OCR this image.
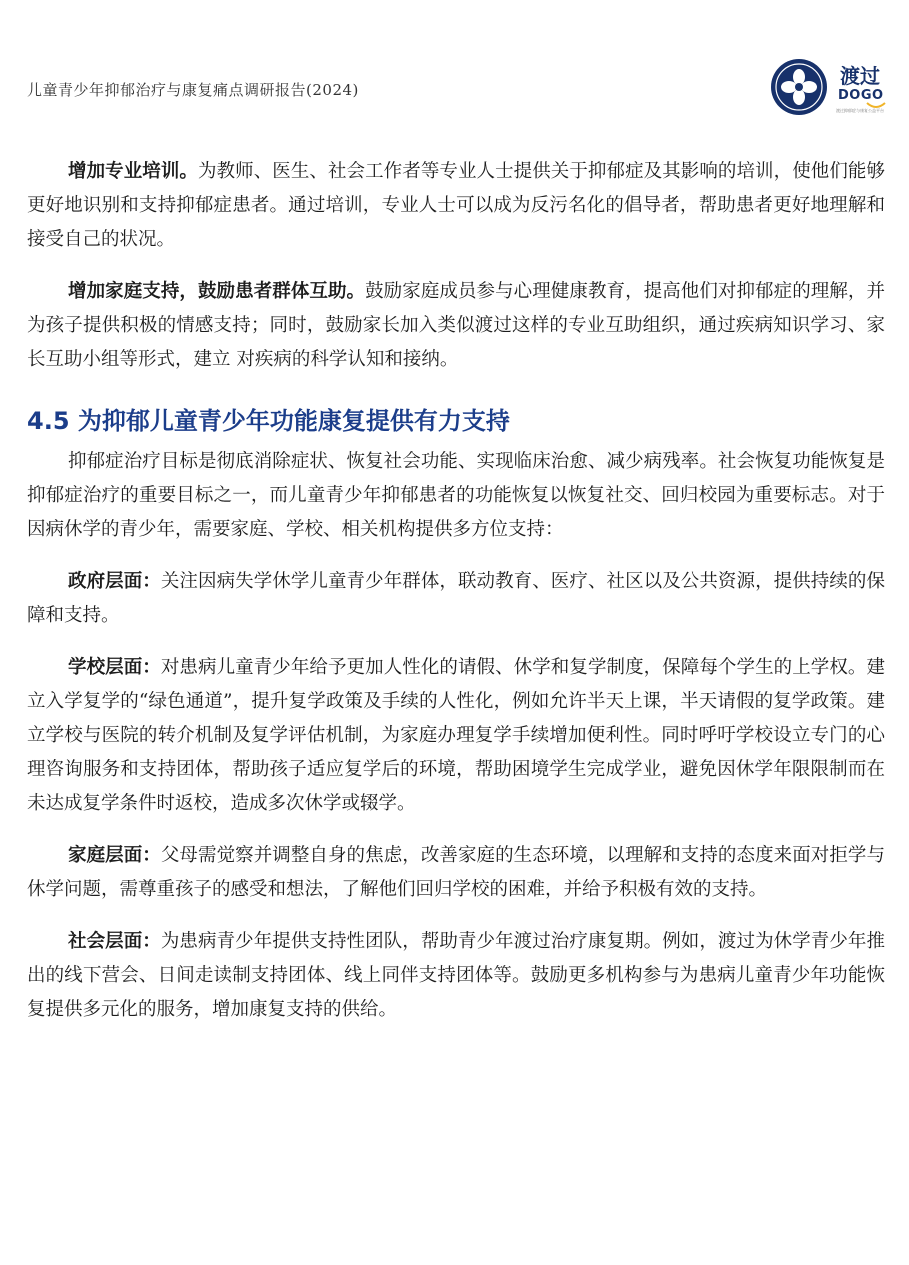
儿童青少年抑郁治疗与康复痛点调研报告(2024)
渡过
DOGO
渡过抑郁症与康复公益平台

增加专业培训。为教师、医生、社会工作者等专业人士提供关于抑郁症及其影响的培训，使他们能够更好地识别和支持抑郁症患者。通过培训，专业人士可以成为反污名化的倡导者，帮助患者更好地理解和接受自己的状况。

增加家庭支持，鼓励患者群体互助。鼓励家庭成员参与心理健康教育，提高他们对抑郁症的理解，并为孩子提供积极的情感支持；同时，鼓励家长加入类似渡过这样的专业互助组织，通过疾病知识学习、家长互助小组等形式，建立 对疾病的科学认知和接纳。

4.5 为抑郁儿童青少年功能康复提供有力支持

抑郁症治疗目标是彻底消除症状、恢复社会功能、实现临床治愈、减少病残率。社会恢复功能恢复是抑郁症治疗的重要目标之一，而儿童青少年抑郁患者的功能恢复以恢复社交、回归校园为重要标志。对于因病休学的青少年，需要家庭、学校、相关机构提供多方位支持：

政府层面：关注因病失学休学儿童青少年群体，联动教育、医疗、社区以及公共资源，提供持续的保障和支持。

学校层面：对患病儿童青少年给予更加人性化的请假、休学和复学制度，保障每个学生的上学权。建立入学复学的“绿色通道”，提升复学政策及手续的人性化，例如允许半天上课，半天请假的复学政策。建立学校与医院的转介机制及复学评估机制，为家庭办理复学手续增加便利性。同时呼吁学校设立专门的心理咨询服务和支持团体，帮助孩子适应复学后的环境，帮助困境学生完成学业，避免因休学年限限制而在未达成复学条件时返校，造成多次休学或辍学。

家庭层面：父母需觉察并调整自身的焦虑，改善家庭的生态环境，以理解和支持的态度来面对拒学与休学问题，需尊重孩子的感受和想法，了解他们回归学校的困难，并给予积极有效的支持。

社会层面：为患病青少年提供支持性团队，帮助青少年渡过治疗康复期。例如，渡过为休学青少年推出的线下营会、日间走读制支持团体、线上同伴支持团体等。鼓励更多机构参与为患病儿童青少年功能恢复提供多元化的服务，增加康复支持的供给。
